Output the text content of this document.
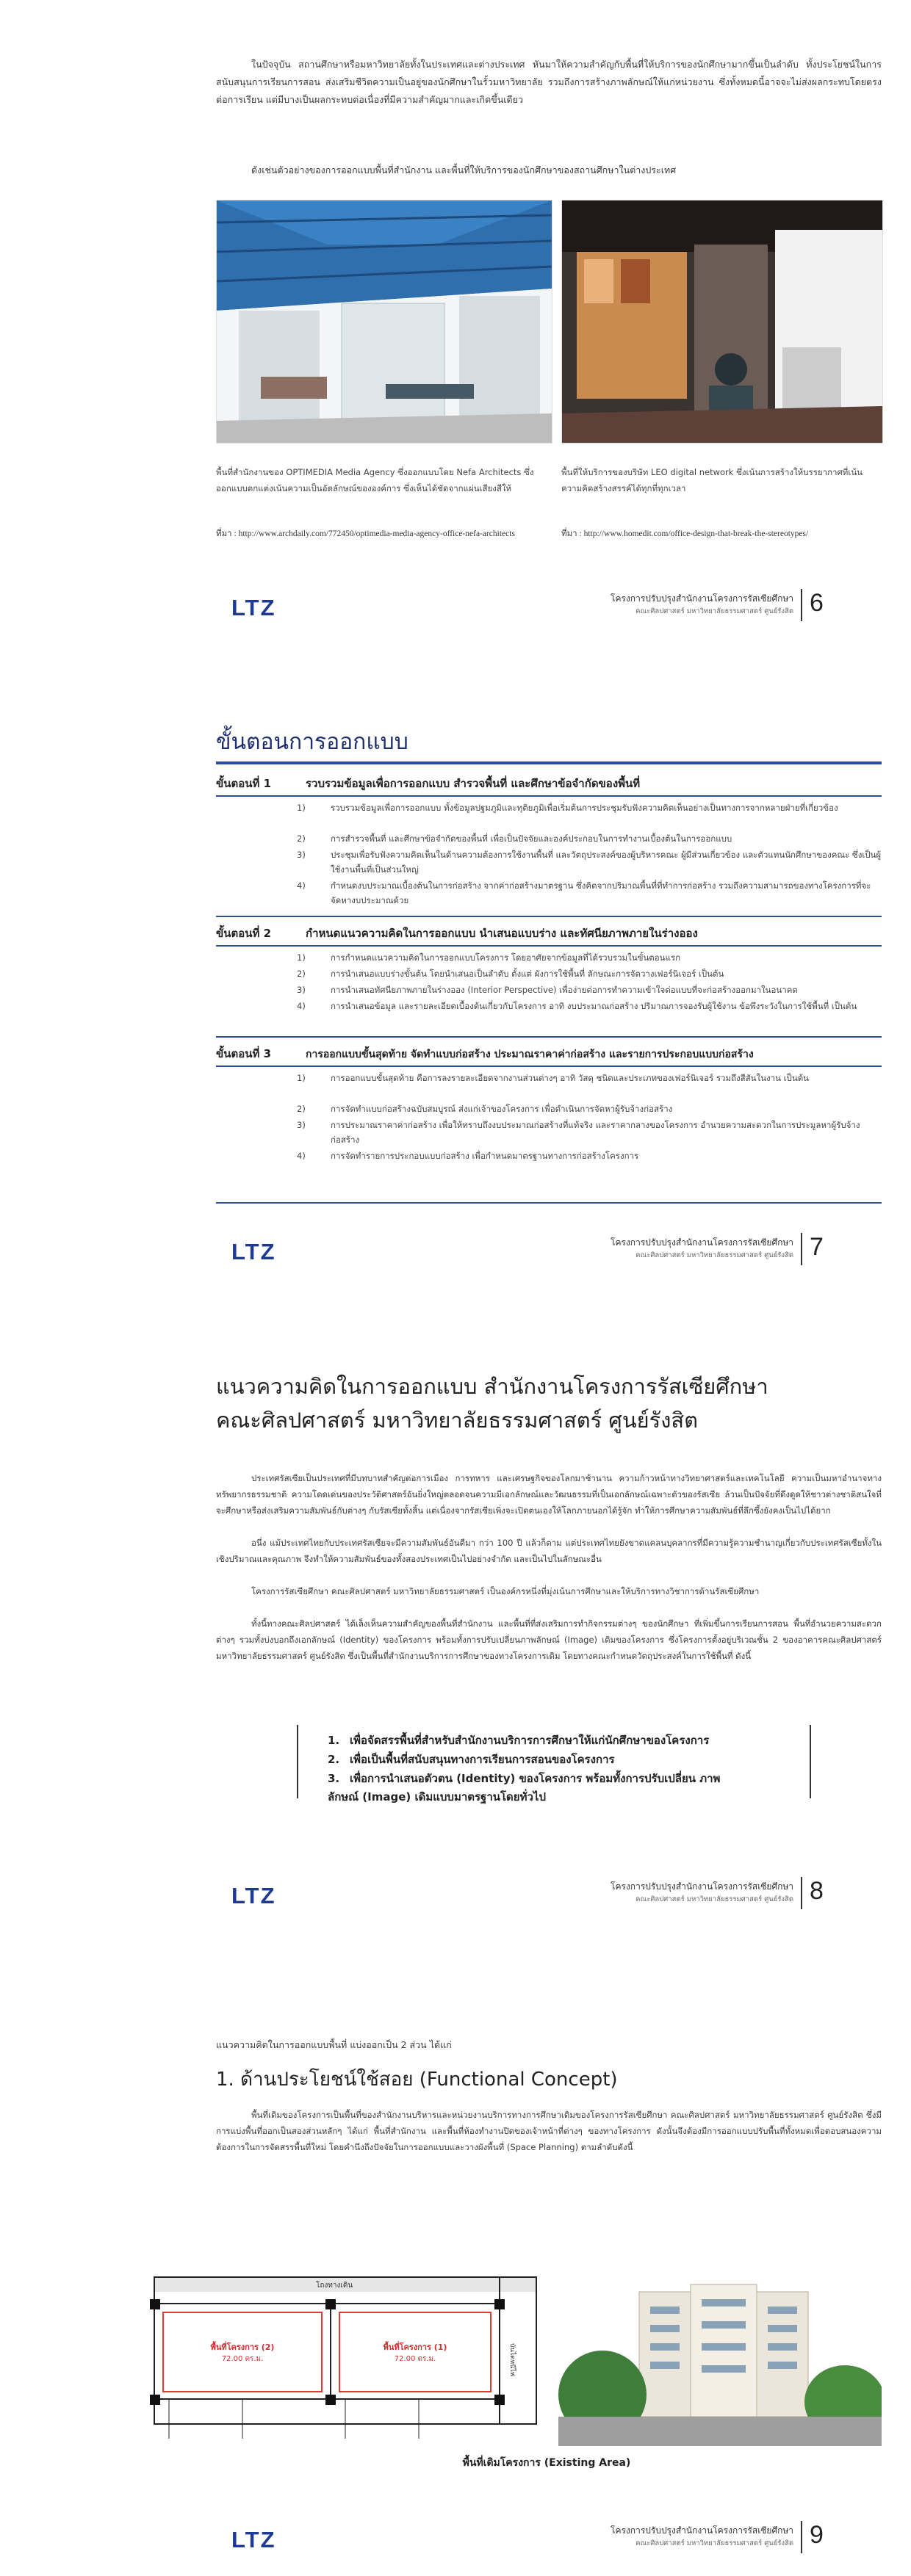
ในปัจจุบัน สถานศึกษาหรือมหาวิทยาลัยทั้งในประเทศและต่างประเทศ หันมาให้ความสำคัญกับพื้นที่ให้บริการของนักศึกษามากขึ้นเป็นลำดับ ทั้งประโยชน์ในการสนับสนุนการเรียนการสอน ส่งเสริมชีวิตความเป็นอยู่ของนักศึกษาในรั้วมหาวิทยาลัย รวมถึงการสร้างภาพลักษณ์ให้แก่หน่วยงาน ซึ่งทั้งหมดนี้อาจจะไม่ส่งผลกระทบโดยตรงต่อการเรียน แต่มีบางเป็นผลกระทบต่อเนื่องที่มีความสำคัญมากและเกิดขึ้นเดียว

ดังเช่นตัวอย่างของการออกแบบพื้นที่สำนักงาน และพื้นที่ให้บริการของนักศึกษาของสถานศึกษาในต่างประเทศ

พื้นที่สำนักงานของ OPTIMEDIA Media Agency ซึ่งออกแบบโดย Nefa Architects ซึ่งออกแบบตกแต่งเน้นความเป็นอัตลักษณ์ขององค์การ ซึ่งเห็นได้ชัดจากแผ่นเสียงสีให้

พื้นที่ให้บริการของบริษัท LEO digital network ซึ่งเน้นการสร้างให้บรรยากาศที่เน้นความคิดสร้างสรรค์ได้ทุกที่ทุกเวลา

ที่มา : http://www.archdaily.com/772450/optimedia-media-agency-office-nefa-architects	ที่มา : http://www.homedit.com/office-design-that-break-the-stereotypes/

LTZ	โครงการปรับปรุงสำนักงานโครงการรัสเซียศึกษา
คณะศิลปศาสตร์ มหาวิทยาลัยธรรมศาสตร์ ศูนย์รังสิต 6
ขั้นตอนการออกแบบ
ขั้นตอนที่ 1	รวบรวมข้อมูลเพื่อการออกแบบ สำรวจพื้นที่ และศึกษาข้อจำกัดของพื้นที่
1)	รวบรวมข้อมูลเพื่อการออกแบบ ทั้งข้อมูลปฐมภูมิและทุติยภูมิเพื่อเริ่มต้นการประชุมรับฟังความคิดเห็นอย่างเป็นทางการจากหลายฝ่ายที่เกี่ยวข้อง
2)	การสำรวจพื้นที่ และศึกษาข้อจำกัดของพื้นที่ เพื่อเป็นปัจจัยและองค์ประกอบในการทำงานเบื้องต้นในการออกแบบ
3)	ประชุมเพื่อรับฟังความคิดเห็นในด้านความต้องการใช้งานพื้นที่ และวัตถุประสงค์ของผู้บริหารคณะ ผู้มีส่วนเกี่ยวข้อง และตัวแทนนักศึกษาของคณะ ซึ่งเป็นผู้ใช้งานพื้นที่เป็นส่วนใหญ่
4)	กำหนดงบประมาณเบื้องต้นในการก่อสร้าง จากค่าก่อสร้างมาตรฐาน ซึ่งคิดจากปริมาณพื้นที่ที่ทำการก่อสร้าง รวมถึงความสามารถของทางโครงการที่จะจัดหางบประมาณด้วย
ขั้นตอนที่ 2	กำหนดแนวความคิดในการออกแบบ นำเสนอแบบร่าง และทัศนียภาพภายในร่างออง
1)	การกำหนดแนวความคิดในการออกแบบโครงการ โดยอาศัยจากข้อมูลที่ได้รวบรวมในขั้นตอนแรก
2)	การนำเสนอแบบร่างขั้นต้น โดยนำเสนอเป็นลำดับ ตั้งแต่ ผังการใช้พื้นที่ ลักษณะการจัดวางเฟอร์นิเจอร์ เป็นต้น
3)	การนำเสนอทัศนียภาพภายในร่างออง (Interior Perspective) เพื่อง่ายต่อการทำความเข้าใจต่อแบบที่จะก่อสร้างออกมาในอนาคต
4)	การนำเสนอข้อมูล และรายละเอียดเบื้องต้นเกี่ยวกับโครงการ อาทิ งบประมาณก่อสร้าง ปริมาณการจองรับผู้ใช้งาน ข้อพึงระวังในการใช้พื้นที่ เป็นต้น
ขั้นตอนที่ 3	การออกแบบขั้นสุดท้าย จัดทำแบบก่อสร้าง ประมาณราคาค่าก่อสร้าง และรายการประกอบแบบก่อสร้าง
1)	การออกแบบขั้นสุดท้าย คือการลงรายละเอียดจากงานส่วนต่างๆ อาทิ วัสดุ ชนิดและประเภทของเฟอร์นิเจอร์ รวมถึงสีสันในงาน เป็นต้น
2)	การจัดทำแบบก่อสร้างฉบับสมบูรณ์ ส่งแก่เจ้าของโครงการ เพื่อดำเนินการจัดหาผู้รับจ้างก่อสร้าง
3)	การประมาณราคาค่าก่อสร้าง เพื่อให้ทราบถึงงบประมาณก่อสร้างที่แท้จริง และราคากลางของโครงการ อำนวยความสะดวกในการประมูลหาผู้รับจ้างก่อสร้าง
4)	การจัดทำรายการประกอบแบบก่อสร้าง เพื่อกำหนดมาตรฐานทางการก่อสร้างโครงการ
LTZ	โครงการปรับปรุงสำนักงานโครงการรัสเซียศึกษา
คณะศิลปศาสตร์ มหาวิทยาลัยธรรมศาสตร์ ศูนย์รังสิต 7
แนวความคิดในการออกแบบ สำนักงานโครงการรัสเซียศึกษา
คณะศิลปศาสตร์ มหาวิทยาลัยธรรมศาสตร์ ศูนย์รังสิต

ประเทศรัสเซียเป็นประเทศที่มีบทบาทสำคัญต่อการเมือง การทหาร และเศรษฐกิจของโลกมาช้านาน ความก้าวหน้าทางวิทยาศาสตร์และเทคโนโลยี ความเป็นมหาอำนาจทางทรัพยากรธรรมชาติ ความโดดเด่นของประวัติศาสตร์อันยิ่งใหญ่ตลอดจนความมีเอกลักษณ์และวัฒนธรรมที่เป็นเอกลักษณ์เฉพาะตัวของรัสเซีย ล้วนเป็นปัจจัยที่ดึงดูดให้ชาวต่างชาติสนใจที่จะศึกษาหรือส่งเสริมความสัมพันธ์กับต่างๆ กับรัสเซียทั้งสิ้น แต่เนื่องจากรัสเซียเพิ่งจะเปิดตนเองให้โลกภายนอกได้รู้จัก ทำให้การศึกษาความสัมพันธ์ที่ลึกซึ้งยังคงเป็นไปได้ยาก

อนึ่ง แม้ประเทศไทยกับประเทศรัสเซียจะมีความสัมพันธ์อันดีมา กว่า 100 ปี แล้วก็ตาม แต่ประเทศไทยยังขาดแคลนบุคลากรที่มีความรู้ความชำนาญเกี่ยวกับประเทศรัสเซียทั้งในเชิงปริมาณและคุณภาพ จึงทำให้ความสัมพันธ์ของทั้งสองประเทศเป็นไปอย่างจำกัด และเป็นไปในลักษณะอื่น

โครงการรัสเซียศึกษา คณะศิลปศาสตร์ มหาวิทยาลัยธรรมศาสตร์ เป็นองค์กรหนึ่งที่มุ่งเน้นการศึกษาและให้บริการทางวิชาการด้านรัสเซียศึกษา

ทั้งนี้ทางคณะศิลปศาสตร์ ได้เล็งเห็นความสำคัญของพื้นที่สำนักงาน และพื้นที่ที่ส่งเสริมการทำกิจกรรมต่างๆ ของนักศึกษา ที่เพิ่มขึ้นการเรียนการสอน พื้นที่อำนวยความสะดวกต่างๆ รวมทั้งบ่งบอกถึงเอกลักษณ์ (Identity) ของโครงการ พร้อมทั้งการปรับเปลี่ยนภาพลักษณ์ (Image) เดิมของโครงการ ซึ่งโครงการตั้งอยู่บริเวณชั้น 2 ของอาคารคณะศิลปศาสตร์ มหาวิทยาลัยธรรมศาสตร์ ศูนย์รังสิต ซึ่งเป็นพื้นที่สำนักงานบริการการศึกษาของทางโครงการเดิม โดยทางคณะกำหนดวัตถุประสงค์ในการใช้พื้นที่ ดังนี้

1. เพื่อจัดสรรพื้นที่สำหรับสำนักงานบริการการศึกษาให้แก่นักศึกษาของโครงการ
2. เพื่อเป็นพื้นที่สนับสนุนทางการเรียนการสอนของโครงการ
3. เพื่อการนำเสนอตัวตน (Identity) ของโครงการ พร้อมทั้งการปรับเปลี่ยน ภาพลักษณ์ (Image) เดิมแบบมาตรฐานโดยทั่วไป
LTZ	โครงการปรับปรุงสำนักงานโครงการรัสเซียศึกษา
คณะศิลปศาสตร์ มหาวิทยาลัยธรรมศาสตร์ ศูนย์รังสิต 8

แนวความคิดในการออกแบบพื้นที่ แบ่งออกเป็น 2 ส่วน ได้แก่

1. ด้านประโยชน์ใช้สอย (Functional Concept)

พื้นที่เดิมของโครงการเป็นพื้นที่ของสำนักงานบริหารและหน่วยงานบริการทางการศึกษาเดิมของโครงการรัสเซียศึกษา คณะศิลปศาสตร์ มหาวิทยาลัยธรรมศาสตร์ ศูนย์รังสิต ซึ่งมีการแบ่งพื้นที่ออกเป็นสองส่วนหลักๆ ได้แก่ พื้นที่สำนักงาน และพื้นที่ห้องทำงานปิดของเจ้าหน้าที่ต่างๆ ของทางโครงการ ดังนั้นจึงต้องมีการออกแบบปรับพื้นที่ทั้งหมดเพื่อตอบสนองความต้องการในการจัดสรรพื้นที่ใหม่ โดยคำนึงถึงปัจจัยในการออกแบบและวางผังพื้นที่ (Space Planning) ตามลำดับดังนี้

โถงทางเดิน
บันไดหนีไฟ
พื้นที่โครงการ (2)
72.00 ตร.ม.
พื้นที่โครงการ (1)
72.00 ตร.ม.
พื้นที่เดิมโครงการ (Existing Area)
LTZ	โครงการปรับปรุงสำนักงานโครงการรัสเซียศึกษา
คณะศิลปศาสตร์ มหาวิทยาลัยธรรมศาสตร์ ศูนย์รังสิต 9
